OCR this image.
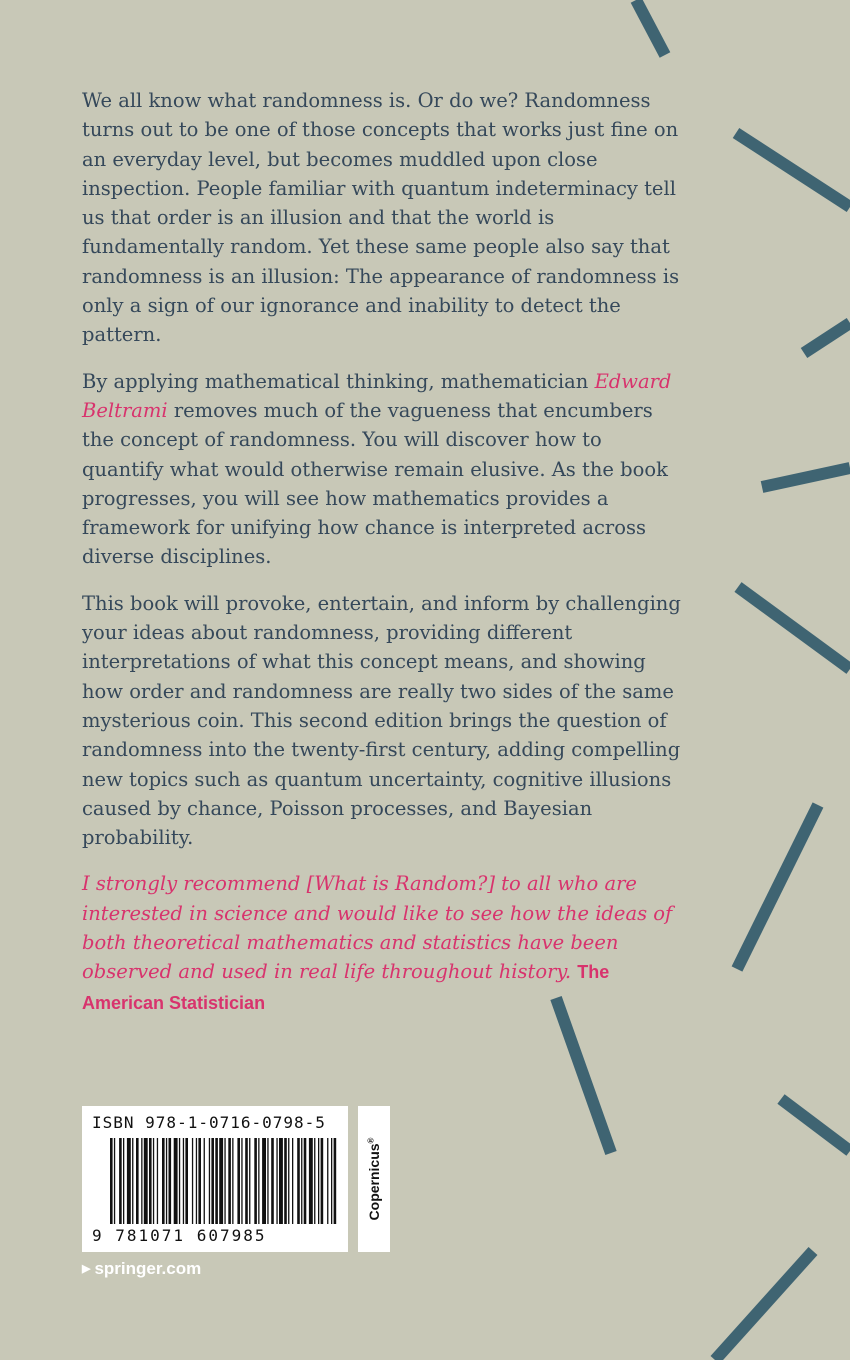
We all know what randomness is. Or do we? Randomness turns out to be one of those concepts that works just fine on an everyday level, but becomes muddled upon close inspection. People familiar with quantum indeterminacy tell us that order is an illusion and that the world is fundamentally random. Yet these same people also say that randomness is an illusion: The appearance of randomness is only a sign of our ignorance and inability to detect the pattern.

By applying mathematical thinking, mathematician Edward Beltrami removes much of the vagueness that encumbers the concept of randomness. You will discover how to quantify what would otherwise remain elusive. As the book progresses, you will see how mathematics provides a framework for unifying how chance is interpreted across diverse disciplines.

This book will provoke, entertain, and inform by challenging your ideas about randomness, providing different interpretations of what this concept means, and showing how order and randomness are really two sides of the same mysterious coin. This second edition brings the question of randomness into the twenty-first century, adding compelling new topics such as quantum uncertainty, cognitive illusions caused by chance, Poisson processes, and Bayesian probability.

I strongly recommend [What is Random?] to all who are interested in science and would like to see how the ideas of both theoretical mathematics and statistics have been observed and used in real life throughout history. The American Statistician

ISBN 978-1-0716-0798-5
9 781071 607985
Copernicus®
▶ springer.com
